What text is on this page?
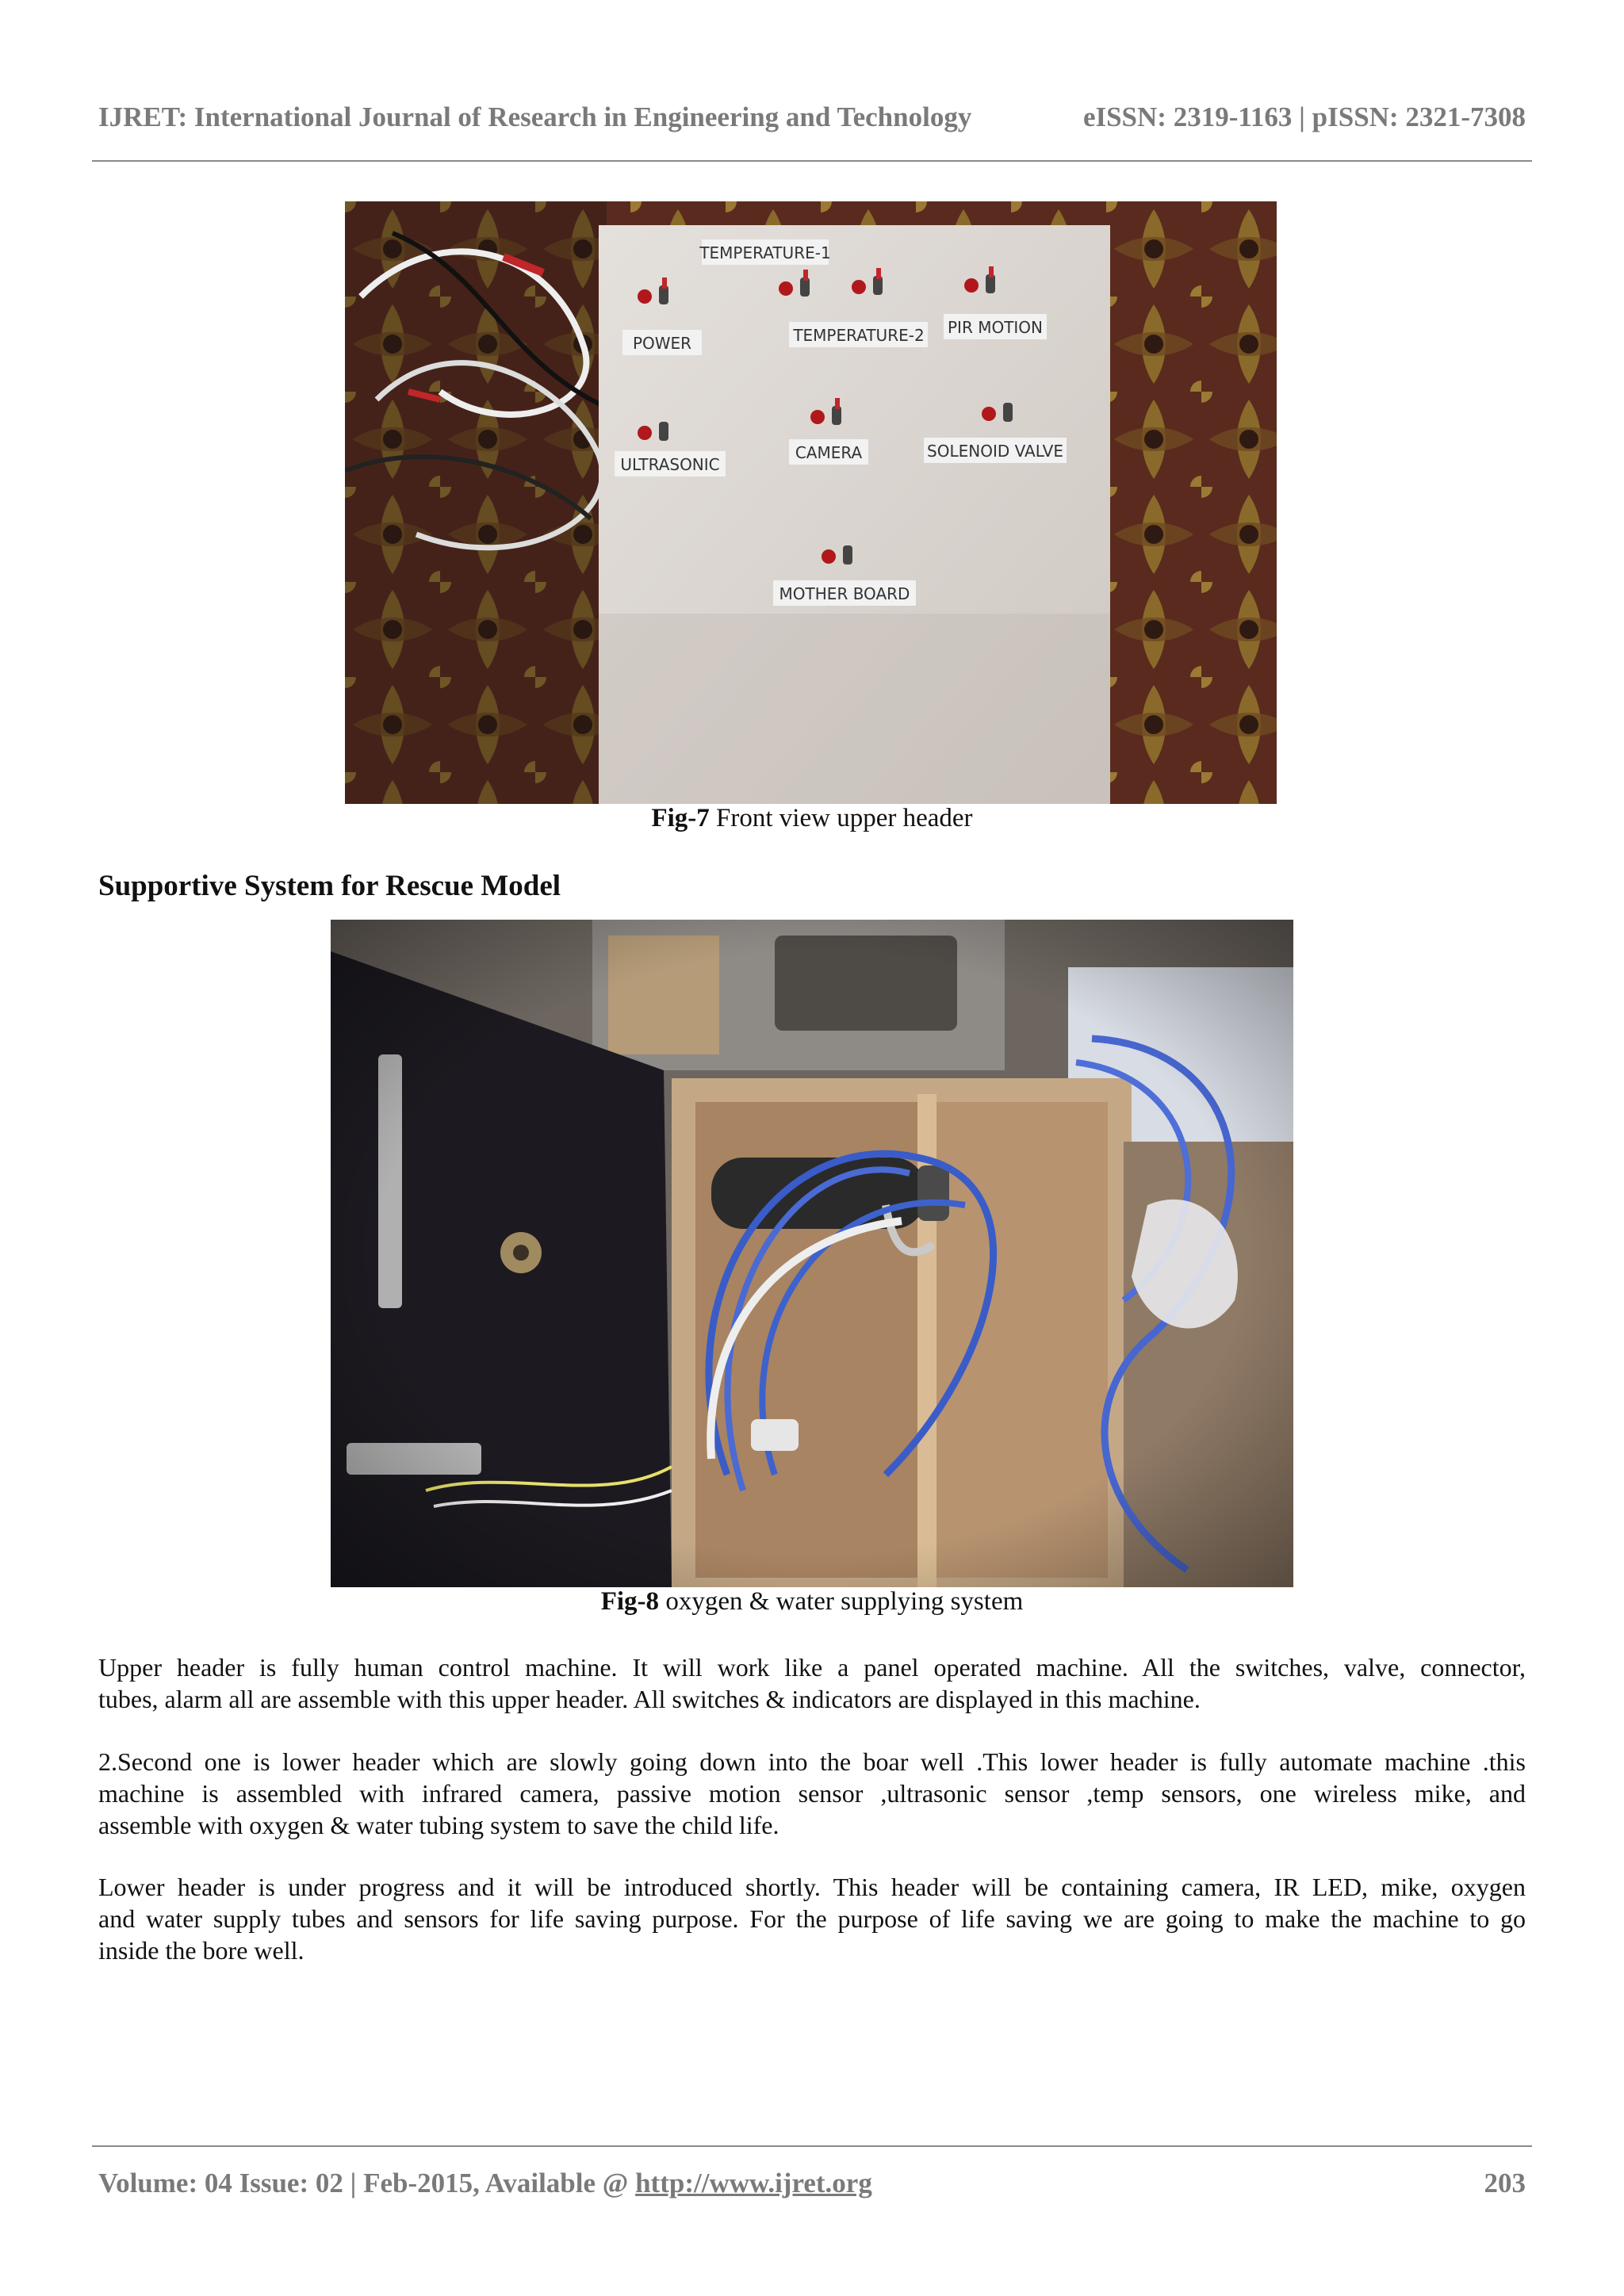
IJRET: International Journal of Research in Engineering and Technology	eISSN: 2319-1163 | pISSN: 2321-7308
TEMPERATURE-1
POWER	TEMPERATURE-2 PIR MOTION
ULTRASONIC
CAMERA	SOLENOID VALVE
MOTHER BOARD
Fig-7 Front view upper header
Supportive System for Rescue Model
Fig-8 oxygen & water supplying system
Upper header is fully human control machine. It will work like a panel operated machine. All the switches, valve, connector,
tubes, alarm all are assemble with this upper header. All switches & indicators are displayed in this machine.
2.Second one is lower header which are slowly going down into the boar well .This lower header is fully automate machine .this
machine is assembled with infrared camera, passive motion sensor ,ultrasonic sensor ,temp sensors, one wireless mike, and
assemble with oxygen & water tubing system to save the child life.
Lower header is under progress and it will be introduced shortly. This header will be containing camera, IR LED, mike, oxygen
and water supply tubes and sensors for life saving purpose. For the purpose of life saving we are going to make the machine to go
inside the bore well.
Volume: 04 Issue: 02 | Feb-2015, Available @ http://www.ijret.org	203
